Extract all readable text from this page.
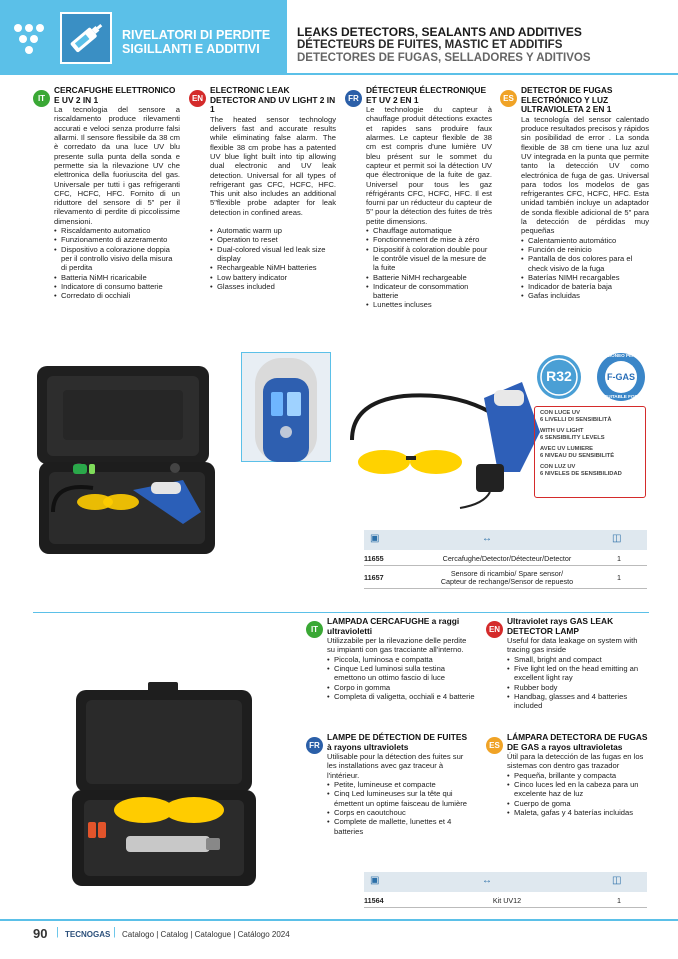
RIVELATORI DI PERDITE
SIGILLANTI E ADDITIVI
LEAKS DETECTORS, SEALANTS AND ADDITIVES
DÉTECTEURS DE FUITES, MASTIC ET ADDITIFS
DETECTORES DE FUGAS, SELLADORES Y ADITIVOS
IT
CERCAFUGHE ELETTRONICO E UV 2 IN 1
La tecnologia del sensore a riscaldamento produce rilevamenti accurati e veloci senza produrre falsi allarmi. Il sensore flessibile da 38 cm è corredato da una luce UV blu presente sulla punta della sonda e permette sia la rilevazione UV che elettronica della fuoriuscita del gas. Universale per tutti i gas refrigeranti CFC, HCFC, HFC. Fornito di un riduttore del sensore di 5" per il rilevamento di perdite di piccolissime dimensioni.
• Riscaldamento automatico
• Funzionamento di azzeramento
• Dispositivo a colorazione doppia per il controllo visivo della misura di perdita
• Batteria NiMH ricaricabile
• Indicatore di consumo batterie
• Corredato di occhiali
EN
ELECTRONIC LEAK DETECTOR AND UV LIGHT 2 IN 1
The heated sensor technology delivers fast and accurate results while eliminating false alarm. The flexible 38 cm probe has a patented UV blue light built into tip allowing dual electronic and UV leak detection. Universal for all types of refrigerant gas CFC, HCFC, HFC. This unit also includes an additional 5"flexible probe adapter for leak detection in confined areas.
• Automatic warm up
• Operation to reset
• Dual-colored visual led leak size display
• Rechargeable NiMH batteries
• Low battery indicator
• Glasses included
FR
DÉTECTEUR ÉLECTRONIQUE ET UV 2 EN 1
Le technologie du capteur à chauffage produit détections exactes et rapides sans produire faux alarmes. Le capteur flexible de 38 cm est compris d'une lumière UV bleu présent sur le sommet du capteur et permit soi la détection UV que électronique de la fuite de gaz. Universel pour tous les gaz réfrigérants CFC, HCFC, HFC. Il est fourni par un réducteur du capteur de 5" pour la détection des fuites de très petite dimensions.
• Chauffage automatique
• Fonctionnement de mise à zéro
• Dispositif à coloration double pour le contrôle visuel de la mesure de la fuite
• Batterie NiMH rechargeable
• Indicateur de consommation batterie
• Lunettes incluses
ES
DETECTOR DE FUGAS ELECTRÓNICO Y LUZ ULTRAVIOLETA 2 EN 1
La tecnología del sensor calentado produce resultados precisos y rápidos sin posibilidad de error . La sonda flexible de 38 cm tiene una luz azul UV integrada en la punta que permite tanto la detección UV como electrónica de fuga de gas. Universal para todos los modelos de gas refrigerantes CFC, HCFC, HFC. Esta unidad también incluye un adaptador de sonda flexible adicional de 5" para la detección de pérdidas muy pequeñas
• Calentamiento automático
• Función de reinicio
• Pantalla de dos colores para el check visivo de la fuga
• Baterías NIMH recargables
• Indicador de batería baja
• Gafas incluidas
R32
IDONEO PER
F-GAS
SUITABLE FOR
CON LUCE UV
6 LIVELLI DI SENSIBILITÀ
WITH UV LIGHT
6 SENSIBILITY LEVELS
AVEC UV LUMIERE
6 NIVEAU DU SENSIBILITÉ
CON LUZ UV
6 NIVELES DE SENSIBILIDAD
▣	↔	◫
11655	Cercafughe/Detector/Détecteur/Detector	1
11657	Sensore di ricambio/ Spare sensor/
Capteur de rechange/Sensor de repuesto	1
IT
LAMPADA CERCAFUGHE a raggi
ultravioletti
Utilizzabile per la rilevazione delle perdite su impianti con gas tracciante all'interno.
• Piccola, luminosa e compatta
• Cinque Led luminosi sulla testina emettono un ottimo fascio di luce
• Corpo in gomma
• Completa di valigetta, occhiali e 4 batterie
EN
Ultraviolet rays GAS LEAK DETECTOR LAMP
Useful for data leakage on system with tracing gas inside
• Small, bright and compact
• Five light led on the head emitting an excellent light ray
• Rubber body
• Handbag, glasses and 4 batteries included
FR
LAMPE DE DÉTECTION DE FUITES
à rayons ultraviolets
Utilisable pour la détection des fuites sur les installations avec gaz traceur à l'intérieur.
• Petite, lumineuse et compacte
• Cinq Led lumineuses sur la tête qui émettent un optime faisceau de lumière
• Corps en caoutchouc
• Complete de mallette, lunettes et 4 batteries
ES
LÁMPARA DETECTORA DE FUGAS
DE GAS a rayos ultravioletas
Útil para la detección de las fugas en los sistemas con dentro gas trazador
• Pequeña, brillante y compacta
• Cinco luces led en la cabeza para un excelente haz de luz
• Cuerpo de goma
• Maleta, gafas y 4 baterías incluidas
▣	↔	◫
11564	Kit UV12	1
90 | TECNOGAS | Catalogo | Catalog | Catalogue | Catálogo 2024
